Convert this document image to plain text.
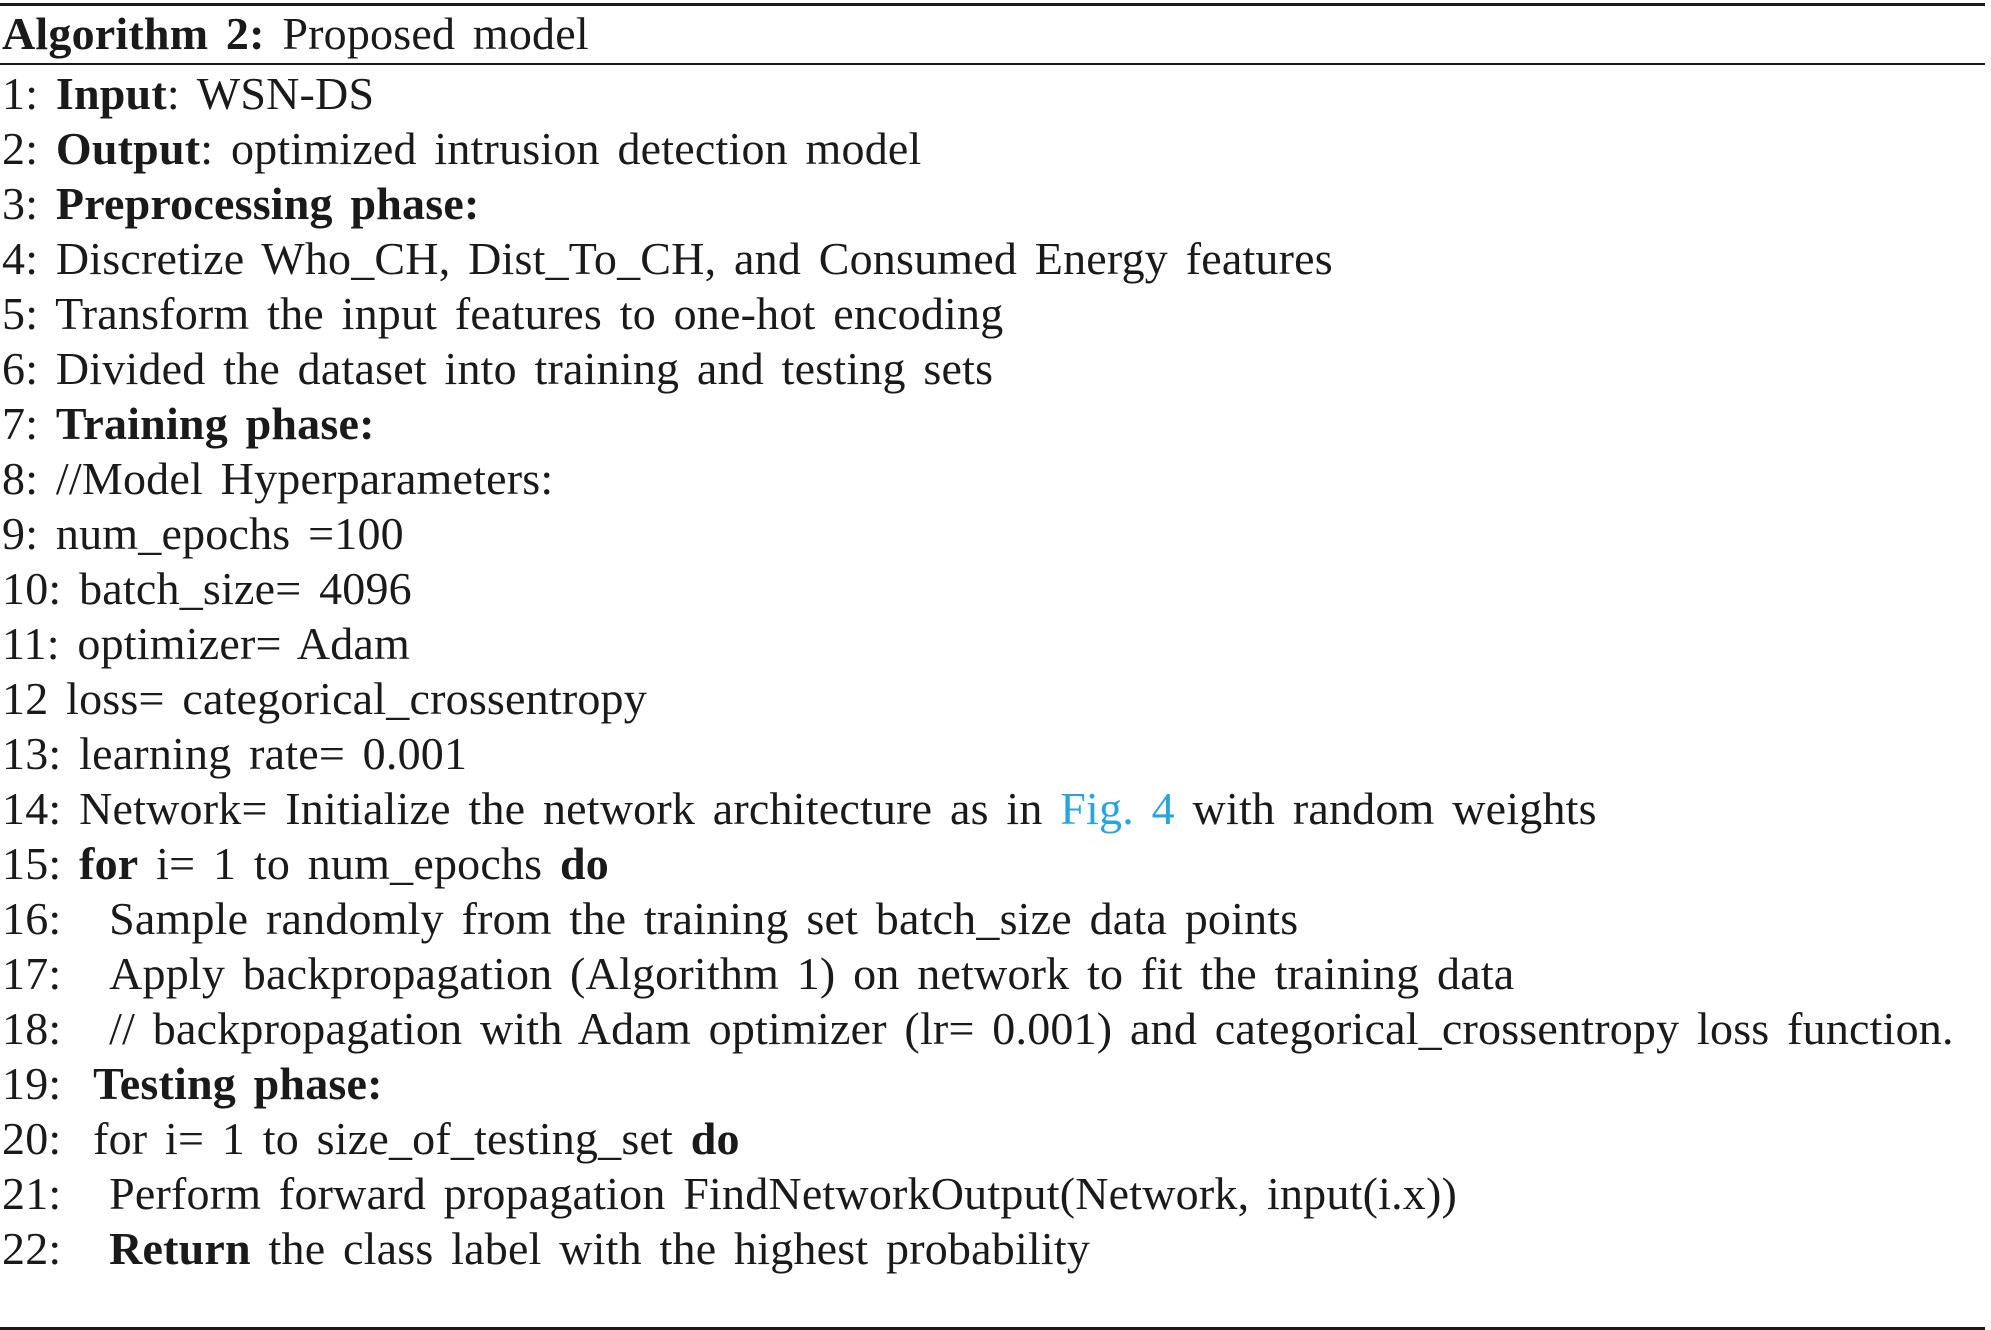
Algorithm 2: Proposed model
1: Input: WSN-DS
2: Output: optimized intrusion detection model
3: Preprocessing phase:
4: Discretize Who_CH, Dist_To_CH, and Consumed Energy features
5: Transform the input features to one-hot encoding
6: Divided the dataset into training and testing sets
7: Training phase:
8: //Model Hyperparameters:
9: num_epochs =100
10: batch_size= 4096
11: optimizer= Adam
12 loss= categorical_crossentropy
13: learning rate= 0.001
14: Network= Initialize the network architecture as in Fig. 4 with random weights
15: for i= 1 to num_epochs do
16: Sample randomly from the training set batch_size data points
17: Apply backpropagation (Algorithm 1) on network to fit the training data
18: // backpropagation with Adam optimizer (lr= 0.001) and categorical_crossentropy loss function.
19: Testing phase:
20: for i= 1 to size_of_testing_set do
21: Perform forward propagation FindNetworkOutput(Network, input(i.x))
22: Return the class label with the highest probability
